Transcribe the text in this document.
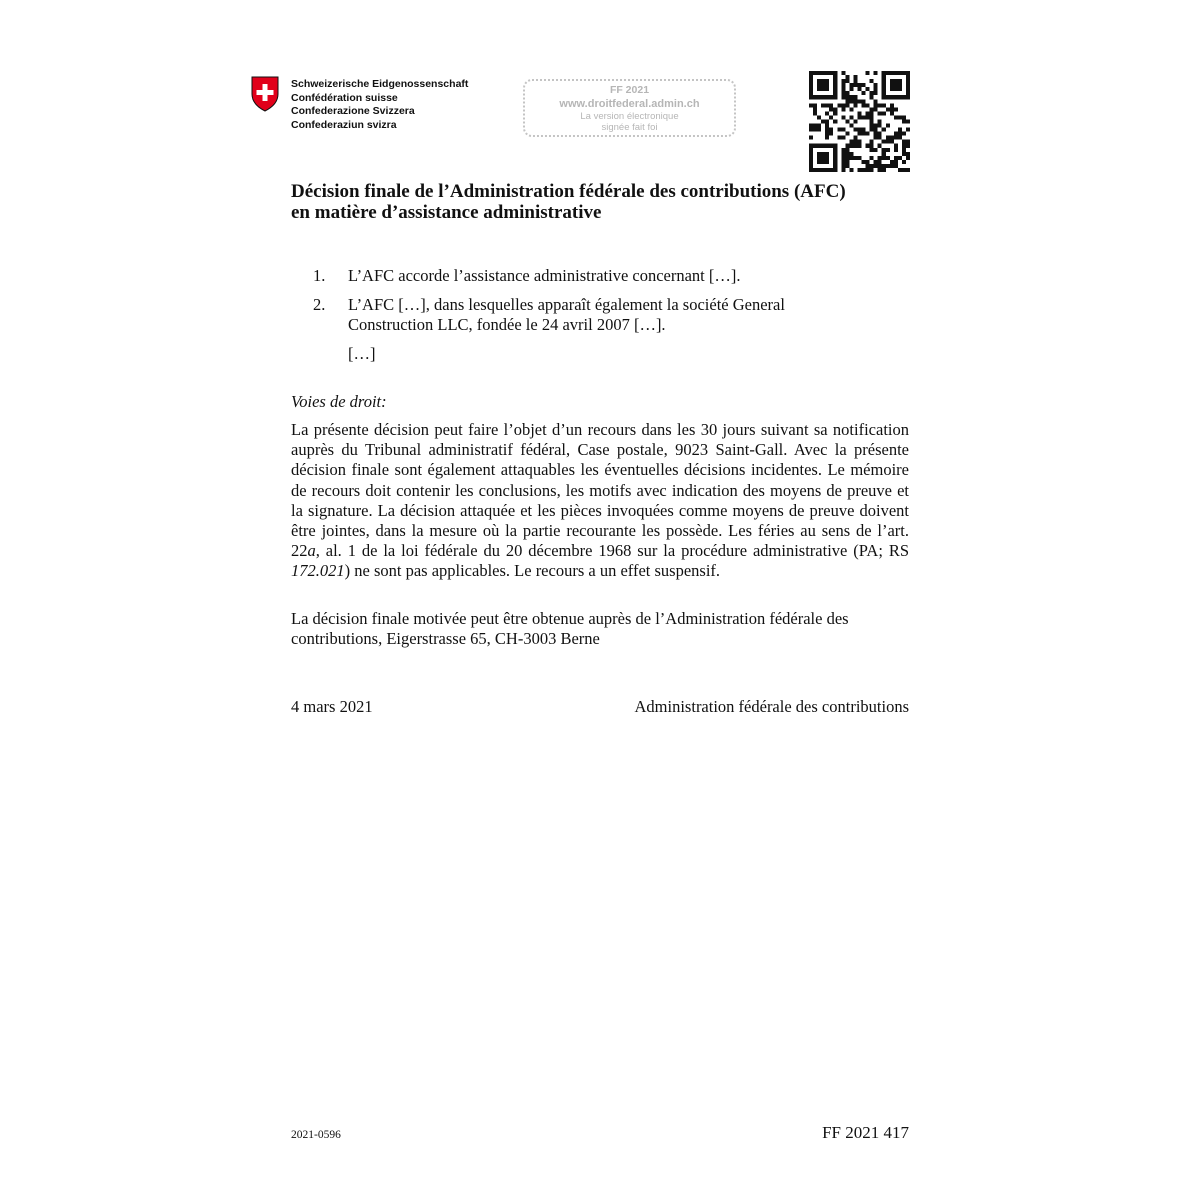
Schweizerische Eidgenossenschaft
Confédération suisse
Confederazione Svizzera
Confederaziun svizra
FF 2021
www.droitfederal.admin.ch
La version électronique
signée fait foi
Décision finale de l’Administration fédérale des contributions (AFC)
en matière d’assistance administrative
1. L’AFC accorde l’assistance administrative concernant […].
2. L’AFC […], dans lesquelles apparaît également la société General Construction LLC, fondée le 24 avril 2007 […].
[…]
Voies de droit:
La présente décision peut faire l’objet d’un recours dans les 30 jours suivant sa notification auprès du Tribunal administratif fédéral, Case postale, 9023 Saint-Gall. Avec la présente décision finale sont également attaquables les éventuelles décisions incidentes. Le mémoire de recours doit contenir les conclusions, les motifs avec indication des moyens de preuve et la signature. La décision attaquée et les pièces invoquées comme moyens de preuve doivent être jointes, dans la mesure où la partie recourante les possède. Les féries au sens de l’art. 22a, al. 1 de la loi fédérale du 20 décembre 1968 sur la procédure administrative (PA; RS 172.021) ne sont pas applicables. Le recours a un effet suspensif.
La décision finale motivée peut être obtenue auprès de l’Administration fédérale des contributions, Eigerstrasse 65, CH-3003 Berne
4 mars 2021	Administration fédérale des contributions
2021-0596	FF 2021 417
